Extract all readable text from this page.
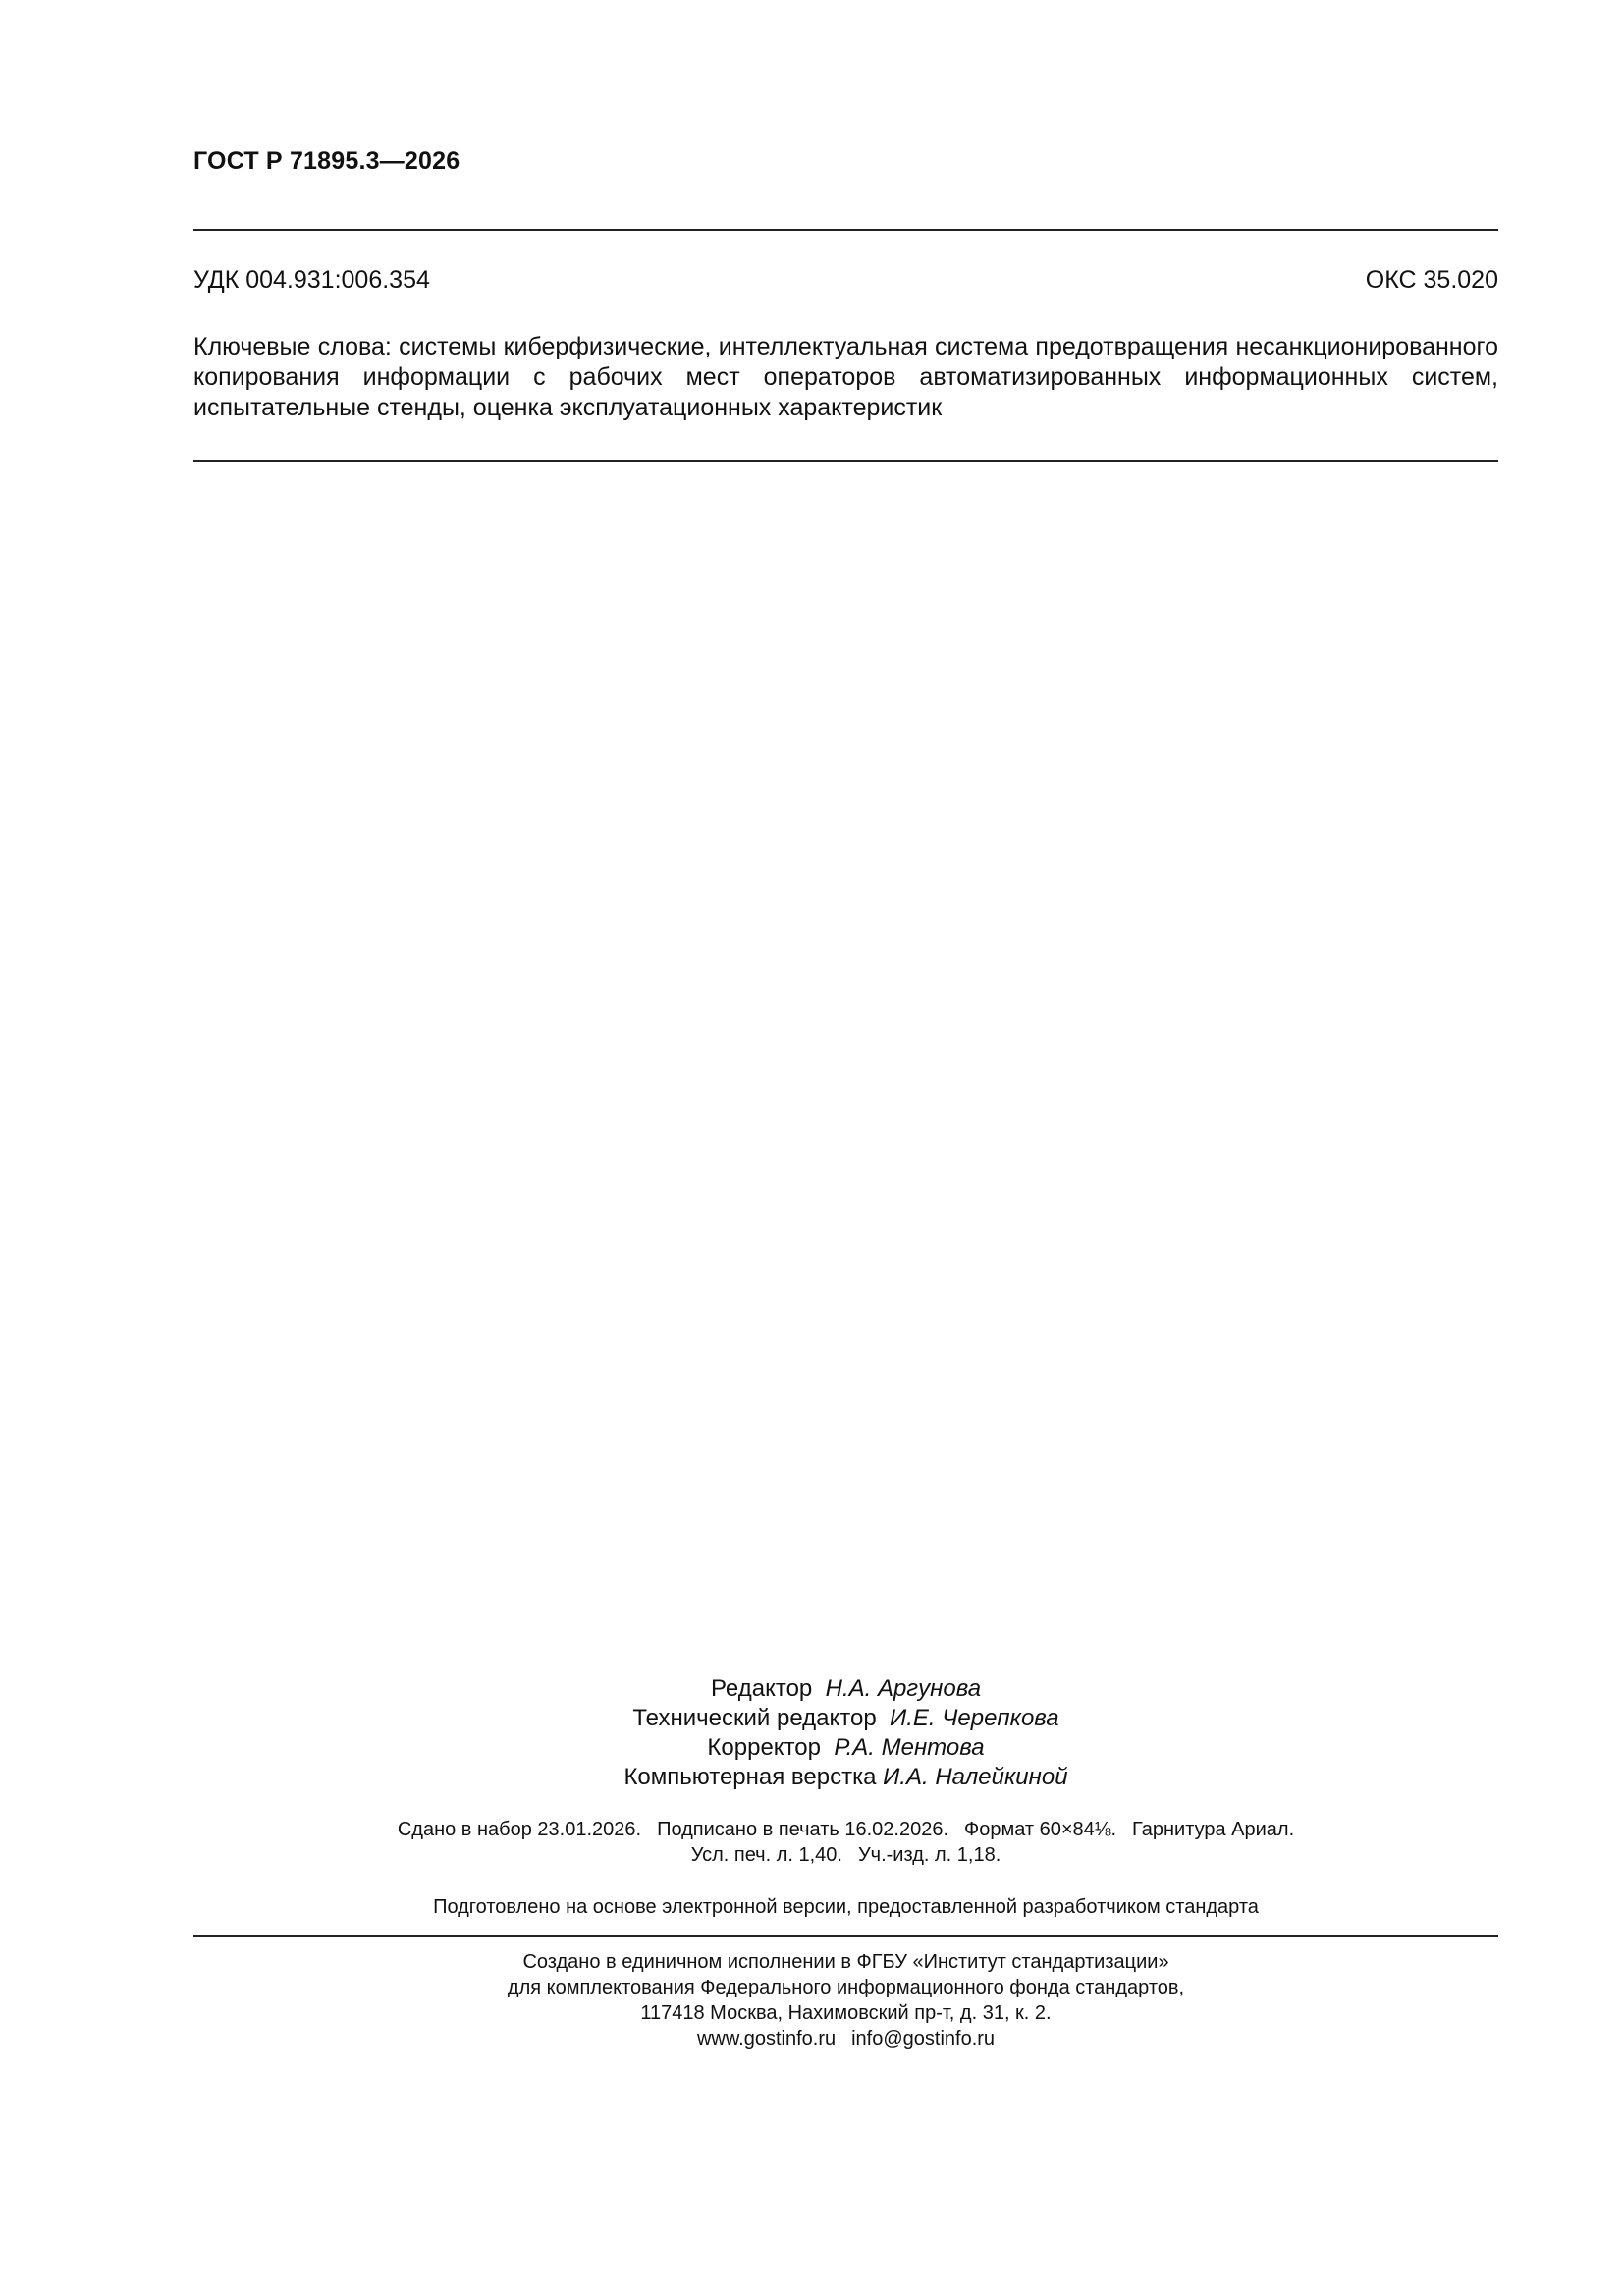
ГОСТ Р 71895.3—2026
УДК 004.931:006.354	ОКС 35.020
Ключевые слова: системы киберфизические, интеллектуальная система предотвращения несанкционированного копирования информации с рабочих мест операторов автоматизированных информационных систем, испытательные стенды, оценка эксплуатационных характеристик
Редактор Н.А. Аргунова
Технический редактор И.Е. Черепкова
Корректор Р.А. Ментова
Компьютерная верстка И.А. Налейкиной
Сдано в набор 23.01.2026. Подписано в печать 16.02.2026. Формат 60×84⅛. Гарнитура Ариал.
Усл. печ. л. 1,40. Уч.-изд. л. 1,18.
Подготовлено на основе электронной версии, предоставленной разработчиком стандарта
Создано в единичном исполнении в ФГБУ «Институт стандартизации»
для комплектования Федерального информационного фонда стандартов,
117418 Москва, Нахимовский пр-т, д. 31, к. 2.
www.gostinfo.ru info@gostinfo.ru
